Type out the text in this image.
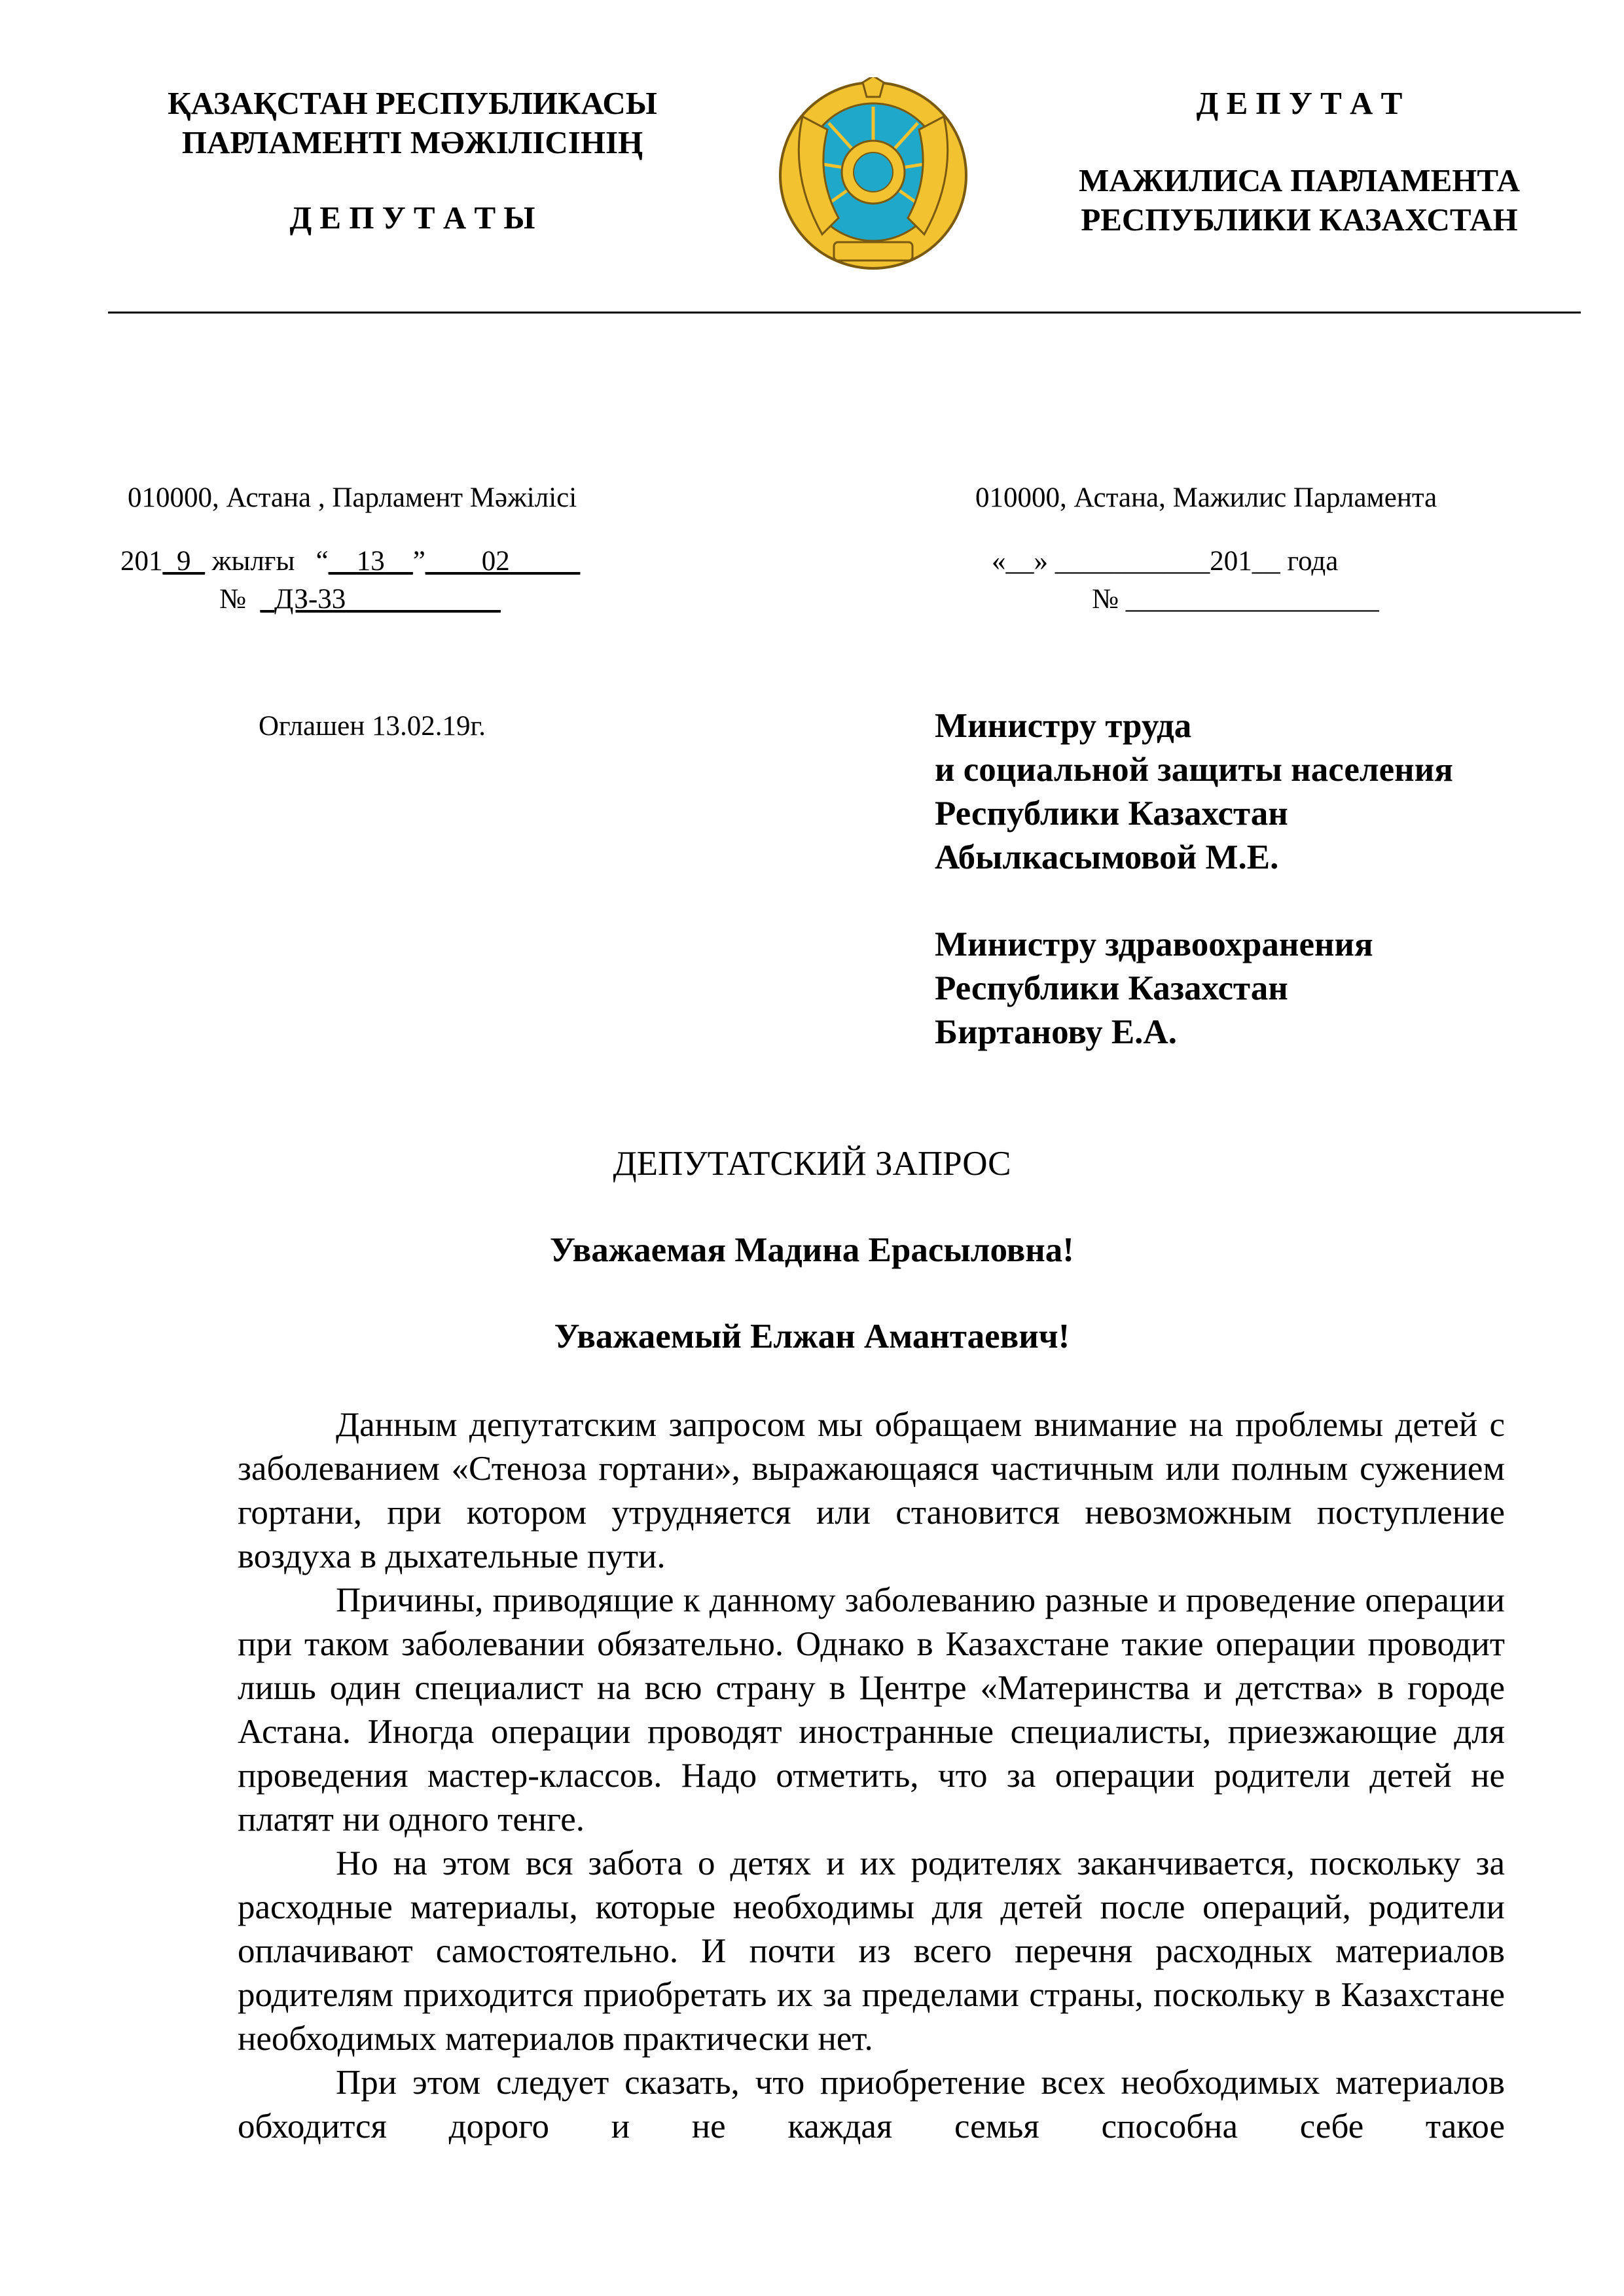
ҚАЗАҚСТАН РЕСПУБЛИКАСЫ
ПАРЛАМЕНТІ МӘЖІЛІСІНІҢ
Д Е П У Т А Т Ы
Д Е П У Т А Т
МАЖИЛИСА ПАРЛАМЕНТА
РЕСПУБЛИКИ КАЗАХСТАН
010000, Астана , Парламент Мәжілісі	010000, Астана, Мажилис Парламента
201_9_ жылғы “__13__”____02_____
№ _ДЗ-33___________
«__» ___________201__ года
№ __________________
Оглашен 13.02.19г.	Министру труда
и социальной защиты населения
Республики Казахстан
Абылкасымовой М.Е.
Министру здравоохранения
Республики Казахстан
Биртанову Е.А.
ДЕПУТАТСКИЙ ЗАПРОС
Уважаемая Мадина Ерасыловна!
Уважаемый Елжан Амантаевич!

Данным депутатским запросом мы обращаем внимание на проблемы детей с заболеванием «Стеноза гортани», выражающаяся частичным или полным сужением гортани, при котором утрудняется или становится невозможным поступление воздуха в дыхательные пути.

Причины, приводящие к данному заболеванию разные и проведение операции при таком заболевании обязательно. Однако в Казахстане такие операции проводит лишь один специалист на всю страну в Центре «Материнства и детства» в городе Астана. Иногда операции проводят иностранные специалисты, приезжающие для проведения мастер-классов. Надо отметить, что за операции родители детей не платят ни одного тенге.

Но на этом вся забота о детях и их родителях заканчивается, поскольку за расходные материалы, которые необходимы для детей после операций, родители оплачивают самостоятельно. И почти из всего перечня расходных материалов родителям приходится приобретать их за пределами страны, поскольку в Казахстане необходимых материалов практически нет.

При этом следует сказать, что приобретение всех необходимых материалов обходится дорого и не каждая семья способна себе такое
